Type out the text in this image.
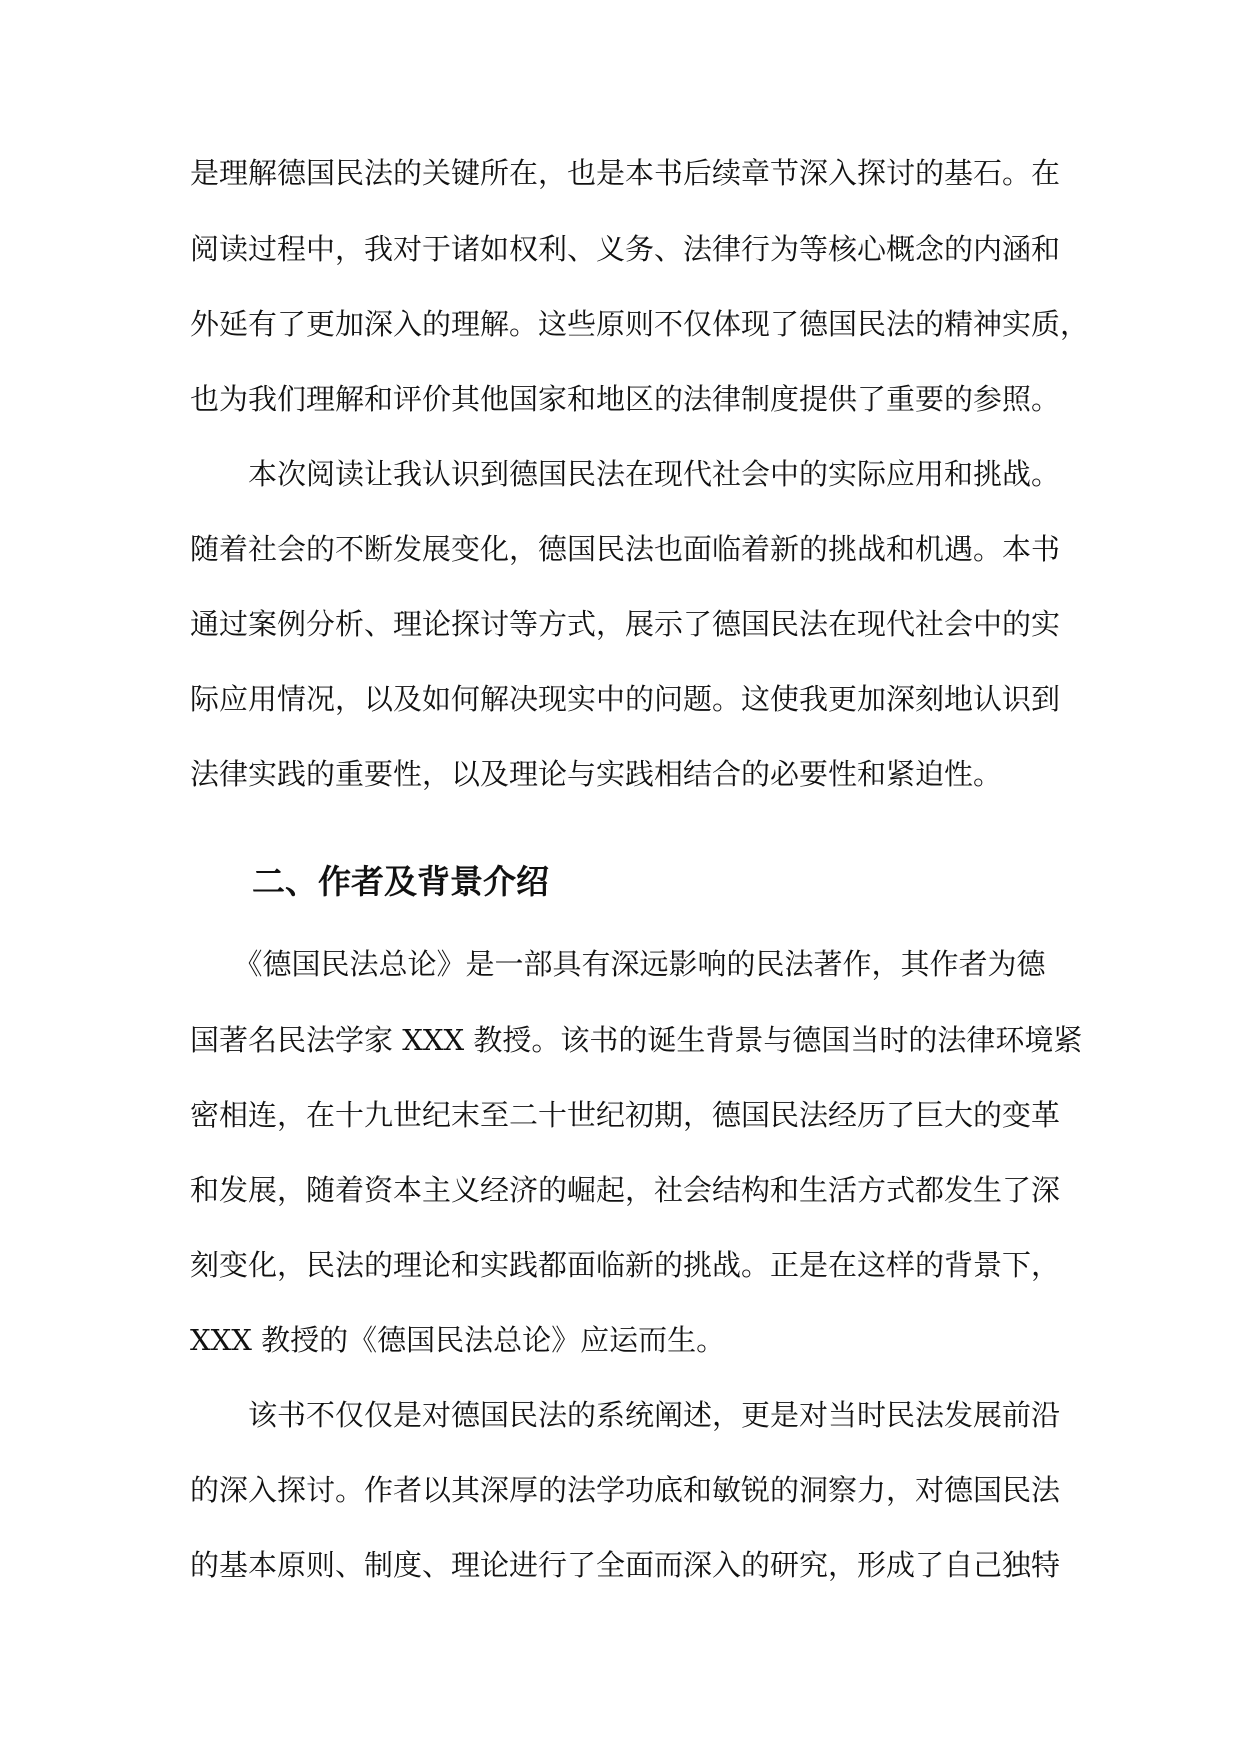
是理解德国民法的关键所在，也是本书后续章节深入探讨的基石。在
阅读过程中，我对于诸如权利、义务、法律行为等核心概念的内涵和
外延有了更加深入的理解。这些原则不仅体现了德国民法的精神实质，
也为我们理解和评价其他国家和地区的法律制度提供了重要的参照。
　　本次阅读让我认识到德国民法在现代社会中的实际应用和挑战。
随着社会的不断发展变化，德国民法也面临着新的挑战和机遇。本书
通过案例分析、理论探讨等方式，展示了德国民法在现代社会中的实
际应用情况，以及如何解决现实中的问题。这使我更加深刻地认识到
法律实践的重要性，以及理论与实践相结合的必要性和紧迫性。
二、作者及背景介绍
　　《德国民法总论》是一部具有深远影响的民法著作，其作者为德
国著名民法学家 XXX 教授。该书的诞生背景与德国当时的法律环境紧
密相连，在十九世纪末至二十世纪初期，德国民法经历了巨大的变革
和发展，随着资本主义经济的崛起，社会结构和生活方式都发生了深
刻变化，民法的理论和实践都面临新的挑战。正是在这样的背景下，
XXX 教授的《德国民法总论》应运而生。
　　该书不仅仅是对德国民法的系统阐述，更是对当时民法发展前沿
的深入探讨。作者以其深厚的法学功底和敏锐的洞察力，对德国民法
的基本原则、制度、理论进行了全面而深入的研究，形成了自己独特
